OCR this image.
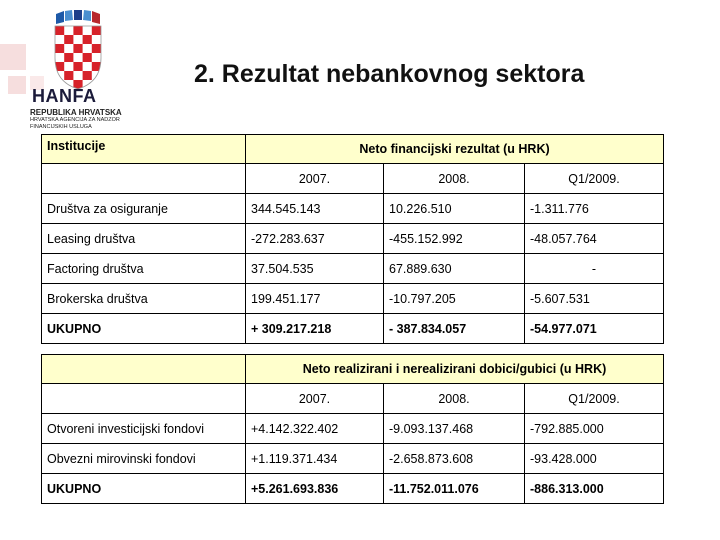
HANFA
REPUBLIKA HRVATSKA
HRVATSKA AGENCIJA ZA NADZOR
FINANCIJSKIH USLUGA
2. Rezultat nebankovnog sektora
Institucije	Neto financijski rezultat (u HRK)		
	2007.	2008.	Q1/2009.
Društva za osiguranje	344.545.143	10.226.510	-1.311.776
Leasing društva	-272.283.637	-455.152.992	-48.057.764
Factoring društva	37.504.535	67.889.630	-
Brokerska društva	199.451.177	-10.797.205	-5.607.531
UKUPNO	+ 309.217.218	- 387.834.057	-54.977.071
	Neto realizirani i nerealizirani dobici/gubici (u HRK)		
	2007.	2008.	Q1/2009.
Otvoreni investicijski fondovi	+4.142.322.402	-9.093.137.468	-792.885.000
Obvezni mirovinski fondovi	+1.119.371.434	-2.658.873.608	-93.428.000
UKUPNO	+5.261.693.836	-11.752.011.076	-886.313.000
